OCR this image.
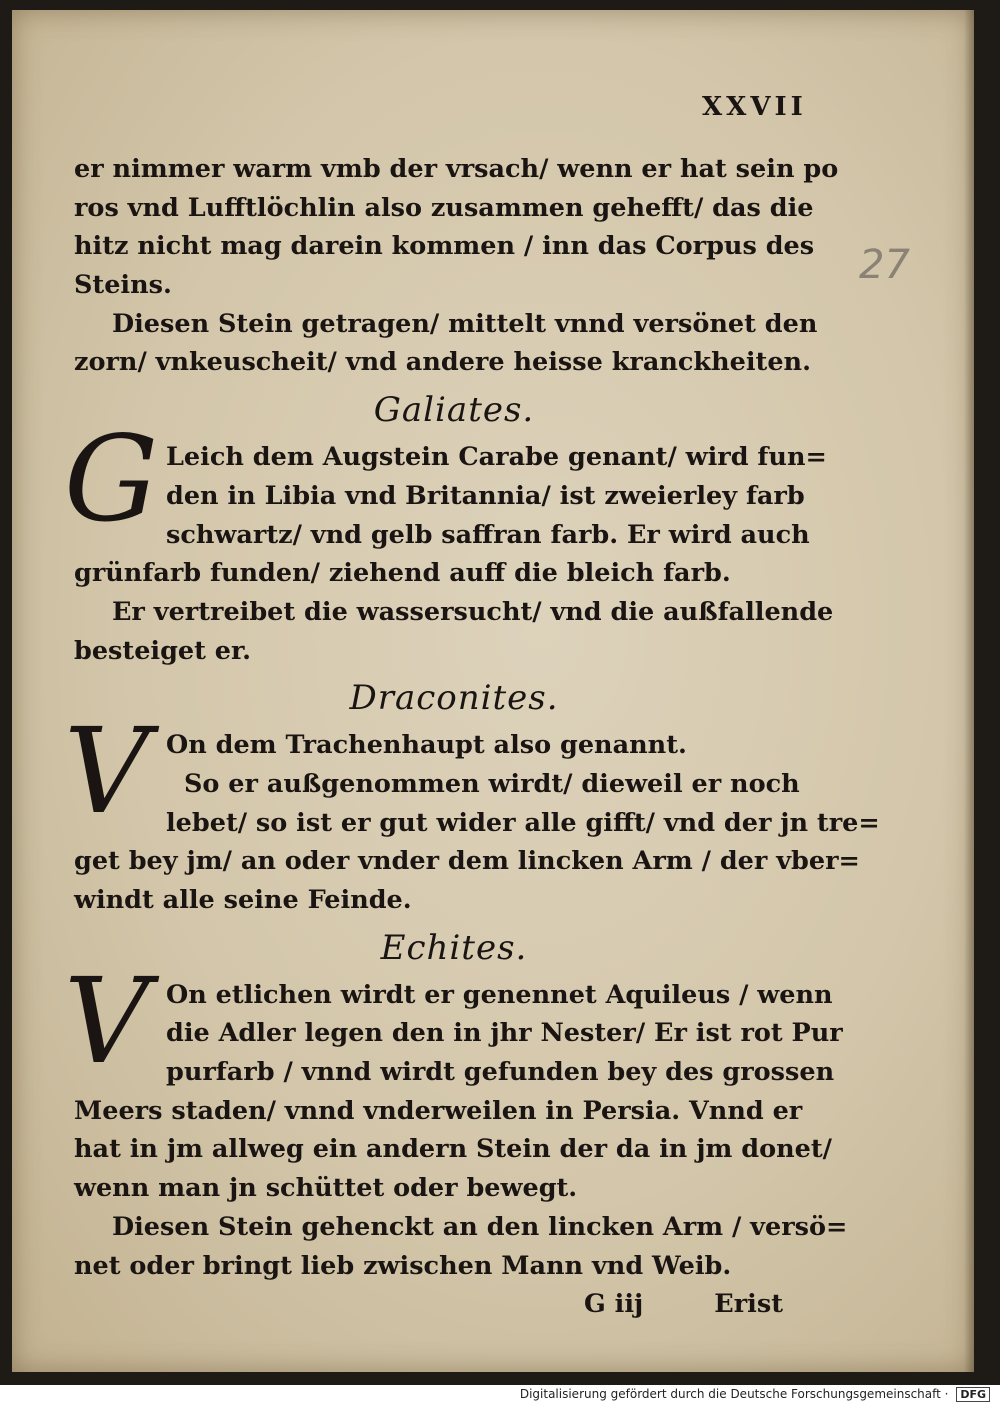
XXVII
27
er nimmer warm vmb der vrsach/ wenn er hat sein po
ros vnd Lufftlöchlin also zusammen gehefft/ das die
hitz nicht mag darein kommen / inn das Corpus des
Steins.
Diesen Stein getragen/ mittelt vnnd versönet den
zorn/ vnkeuscheit/ vnd andere heisse kranckheiten.
Galiates.
G Leich dem Augstein Carabe genant/ wird fun=
den in Libia vnd Britannia/ ist zweierley farb
schwartz/ vnd gelb saffran farb. Er wird auch
grünfarb funden/ ziehend auff die bleich farb.
Er vertreibet die wassersucht/ vnd die außfallende
besteiget er.
Draconites.
V On dem Trachenhaupt also genannt.
So er außgenommen wirdt/ dieweil er noch
lebet/ so ist er gut wider alle gifft/ vnd der jn tre=
get bey jm/ an oder vnder dem lincken Arm / der vber=
windt alle seine Feinde.
Echites.
V On etlichen wirdt er genennet Aquileus / wenn
die Adler legen den in jhr Nester/ Er ist rot Pur
purfarb / vnnd wirdt gefunden bey des grossen
Meers staden/ vnnd vnderweilen in Persia. Vnnd er
hat in jm allweg ein andern Stein der da in jm donet/
wenn man jn schüttet oder bewegt.
Diesen Stein gehenckt an den lincken Arm / versö=
net oder bringt lieb zwischen Mann vnd Weib.
G iij        Erist
Digitalisierung gefördert durch die Deutsche Forschungsgemeinschaft · DFG
